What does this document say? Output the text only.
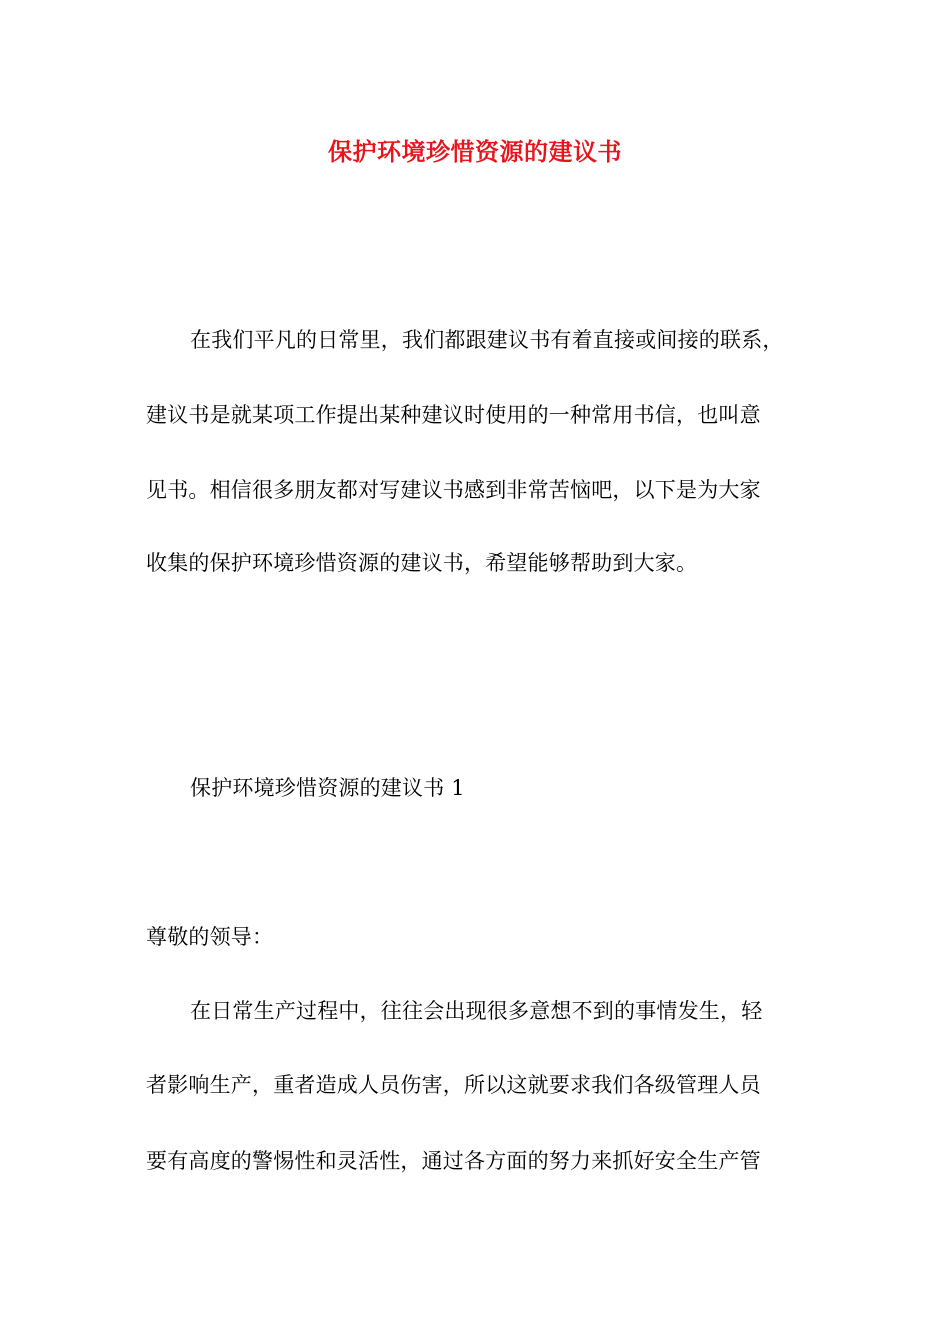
保护环境珍惜资源的建议书
在我们平凡的日常里，我们都跟建议书有着直接或间接的联系，
建议书是就某项工作提出某种建议时使用的一种常用书信，也叫意
见书。相信很多朋友都对写建议书感到非常苦恼吧，以下是为大家
收集的保护环境珍惜资源的建议书，希望能够帮助到大家。
保护环境珍惜资源的建议书 1
尊敬的领导：
在日常生产过程中，往往会出现很多意想不到的事情发生，轻
者影响生产，重者造成人员伤害，所以这就要求我们各级管理人员
要有高度的警惕性和灵活性，通过各方面的努力来抓好安全生产管
